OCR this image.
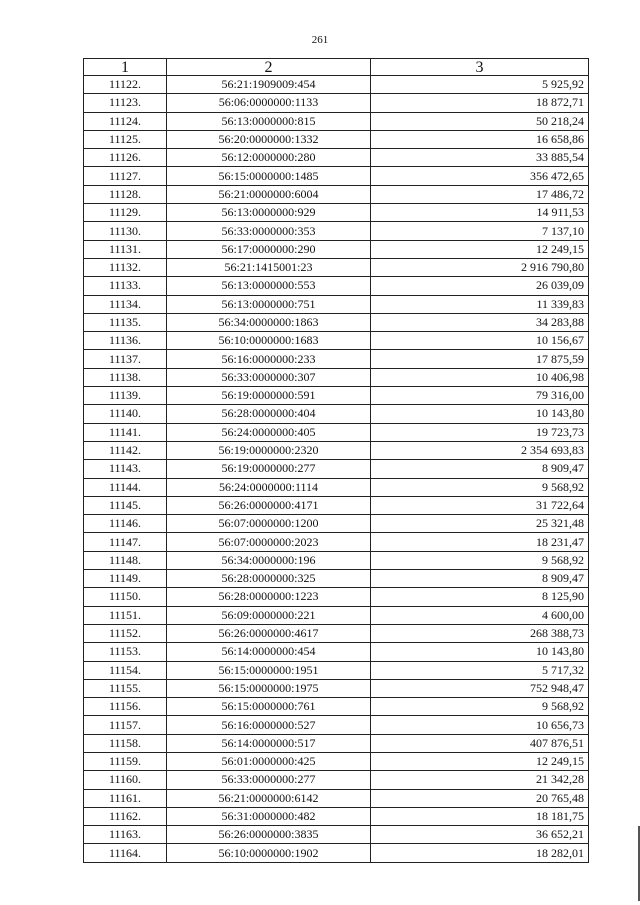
261
1	2	3
11122.	56:21:1909009:454	5 925,92
11123.	56:06:0000000:1133	18 872,71
11124.	56:13:0000000:815	50 218,24
11125.	56:20:0000000:1332	16 658,86
11126.	56:12:0000000:280	33 885,54
11127.	56:15:0000000:1485	356 472,65
11128.	56:21:0000000:6004	17 486,72
11129.	56:13:0000000:929	14 911,53
11130.	56:33:0000000:353	7 137,10
11131.	56:17:0000000:290	12 249,15
11132.	56:21:1415001:23	2 916 790,80
11133.	56:13:0000000:553	26 039,09
11134.	56:13:0000000:751	11 339,83
11135.	56:34:0000000:1863	34 283,88
11136.	56:10:0000000:1683	10 156,67
11137.	56:16:0000000:233	17 875,59
11138.	56:33:0000000:307	10 406,98
11139.	56:19:0000000:591	79 316,00
11140.	56:28:0000000:404	10 143,80
11141.	56:24:0000000:405	19 723,73
11142.	56:19:0000000:2320	2 354 693,83
11143.	56:19:0000000:277	8 909,47
11144.	56:24:0000000:1114	9 568,92
11145.	56:26:0000000:4171	31 722,64
11146.	56:07:0000000:1200	25 321,48
11147.	56:07:0000000:2023	18 231,47
11148.	56:34:0000000:196	9 568,92
11149.	56:28:0000000:325	8 909,47
11150.	56:28:0000000:1223	8 125,90
11151.	56:09:0000000:221	4 600,00
11152.	56:26:0000000:4617	268 388,73
11153.	56:14:0000000:454	10 143,80
11154.	56:15:0000000:1951	5 717,32
11155.	56:15:0000000:1975	752 948,47
11156.	56:15:0000000:761	9 568,92
11157.	56:16:0000000:527	10 656,73
11158.	56:14:0000000:517	407 876,51
11159.	56:01:0000000:425	12 249,15
11160.	56:33:0000000:277	21 342,28
11161.	56:21:0000000:6142	20 765,48
11162.	56:31:0000000:482	18 181,75
11163.	56:26:0000000:3835	36 652,21
11164.	56:10:0000000:1902	18 282,01
